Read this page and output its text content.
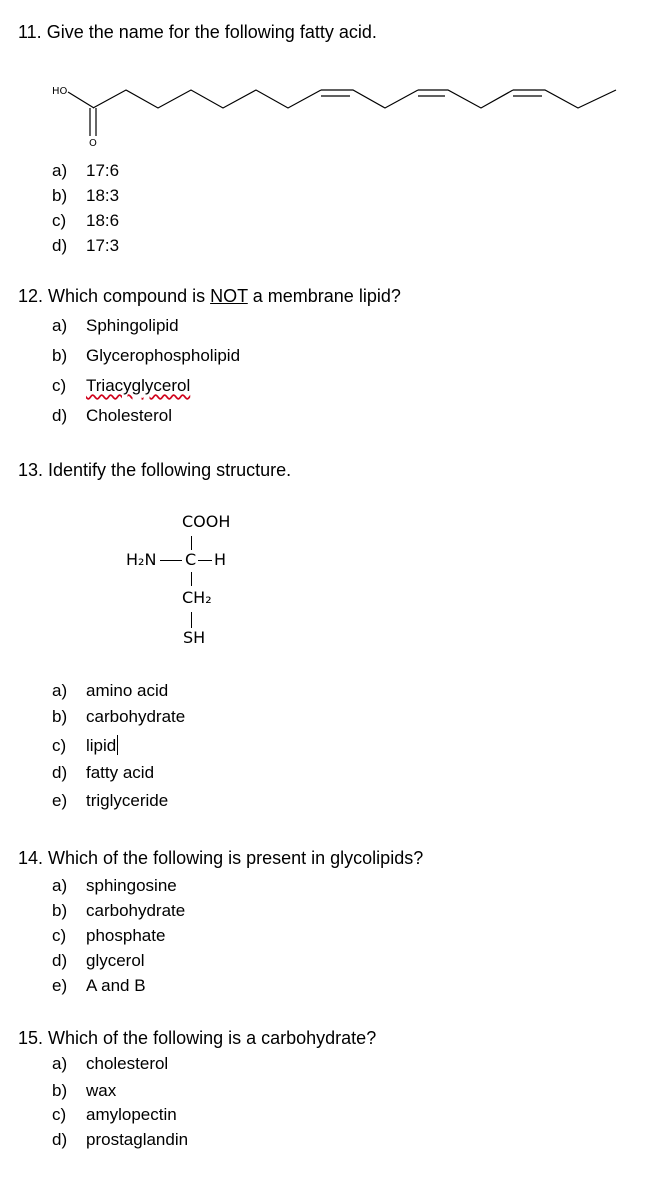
11. Give the name for the following fatty acid.
HO
O
a) 17:6
b) 18:3
c) 18:6
d) 17:3
12. Which compound is NOT a membrane lipid?
a) Sphingolipid
b) Glycerophospholipid
c) Triacyglycerol
d) Cholesterol
13. Identify the following structure.
COOH
H₂N C H
CH₂
SH
a) amino acid
b) carbohydrate
c) lipid
d) fatty acid
e) triglyceride
14. Which of the following is present in glycolipids?
a) sphingosine
b) carbohydrate
c) phosphate
d) glycerol
e) A and B
15. Which of the following is a carbohydrate?
a) cholesterol
b) wax
c) amylopectin
d) prostaglandin
